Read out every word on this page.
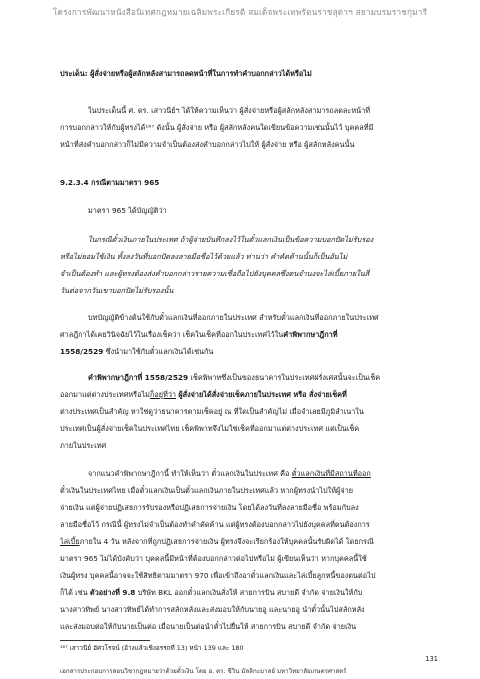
โครงการพัฒนาหนังสือนิเทศกฎหมายเฉลิมพระเกียรติ สมเด็จพระเทพรัตนราชสุดาฯ สยามบรมราชกุมารี
ประเด็น: ผู้สั่งจ่ายหรือผู้สลักหลังสามารถลดหน้าที่ในการทำคำบอกกล่าวได้หรือไม่
ในประเด็นนี้ ศ. ดร. เสาวนีย์ฯ ได้ให้ความเห็นว่า ผู้สั่งจ่ายหรือผู้สลักหลังสามารถลดละหน้าที่
การบอกกล่าวให้กับผู้ทรงได้¹⁶⁷ ดังนั้น ผู้สั่งจ่าย หรือ ผู้สลักหลังคนใดเขียนข้อความเช่นนั้นไว้ บุคคลที่มี
หน้าที่ส่งคำบอกกล่าวก็ไม่มีความจำเป็นต้องส่งคำบอกกล่าวไปให้ ผู้สั่งจ่าย หรือ ผู้สลักหลังคนนั้น
9.2.3.4 กรณีตามมาตรา 965
มาตรา 965 ได้บัญญัติว่า
ในกรณีตั๋วเงินภายในประเทศ ถ้าผู้จ่ายบันทึกลงไว้ในตั๋วแลกเงินเป็นข้อความบอกปัดไม่รับรอง
หรือไม่ยอมใช้เงิน ทั้งลงวันที่บอกปัดลงลายมือชื่อไว้ด้วยแล้ว ท่านว่า คำคัดค้านนั้นก็เป็นอันไม่
จำเป็นต้องทำ และผู้ทรงต้องส่งคำบอกกล่าวรายความเชื่อถือไปยังบุคคลซึ่งตนจำนงจะไล่เบี้ยภายในสี่
วันต่อจากวันเขาบอกปัดไม่รับรองนั้น
บทบัญญัติข้างต้นใช้กับตั๋วแลกเงินที่ออกภายในประเทศ สำหรับตั๋วแลกเงินที่ออกภายในประเทศ
ศาลฎีกาได้เคยวินิจฉัยไว้ในเรื่องเช็คว่า เช็คในเช็คที่ออกในประเทศไว้ในคำพิพากษาฎีกาที่
1558/2529 ซึ่งนำมาใช้กับตั๋วแลกเงินได้เช่นกัน
คำพิพากษาฎีกาที่ 1558/2529 เช็คพิพาทซึ่งเป็นของธนาคารในประเทศฝรั่งเศสนั้นจะเป็นเช็ค
ออกมาแต่ต่างประเทศหรือไม่ก็อยู่ที่ว่า ผู้สั่งจ่ายได้สั่งจ่ายเช็คภายในประเทศ หรือ สั่งจ่ายเช็คที่
ต่างประเทศเป็นสำคัญ หาใช่ดูว่าธนาคารตามเช็คอยู่ ณ ที่ใดเป็นสำคัญไม่ เมื่อจำเลยมีภูมิลำเนาใน
ประเทศเป็นผู้สั่งจ่ายเช็คในประเทศไทย เช็คพิพาทจึงไม่ใช่เช็คที่ออกมาแต่ต่างประเทศ แต่เป็นเช็ค
ภายในประเทศ
จากแนวคำพิพากษาฎีกานี้ ทำให้เห็นว่า ตั๋วแลกเงินในประเทศ คือ ตั๋วแลกเงินที่มีสถานที่ออก
ตั๋วเงินในประเทศไทย เมื่อตั๋วแลกเงินเป็นตั๋วแลกเงินภายในประเทศแล้ว หากผู้ทรงนำไปให้ผู้จ่าย
จ่ายเงิน แต่ผู้จ่ายปฏิเสธการรับรองหรือปฏิเสธการจ่ายเงิน โดยได้ลงวันที่ลงลายมือชื่อ พร้อมกับลง
ลายมือชื่อไว้ กรณีนี้ ผู้ทรงไม่จำเป็นต้องทำคำคัดค้าน แต่ผู้ทรงต้องบอกกล่าวไปยังบุคคลที่ตนต้องการ
ไล่เบี้ยภายใน 4 วัน หลังจากที่ถูกปฏิเสธการจ่ายเงิน ผู้ทรงจึงจะเรียกร้องให้บุคคลนั้นรับผิดได้ โดยกรณี
มาตรา 965 ไม่ได้บังคับว่า บุคคลนี้มีหน้าที่ต้องบอกกล่าวต่อไปหรือไม่ ผู้เขียนเห็นว่า หากบุคคลนี้ใช้
เงินผู้ทรง บุคคลนี้อาจจะใช้สิทธิตามมาตรา 970 เพื่อเข้าถึงอาตั๋วแลกเงินและไล่เบี้ยลูกหนี้ของตนต่อไป
ก็ได้ เช่น ตัวอย่างที่ 9.8 บริษัท BKL ออกตั๋วแลกเงินสั่งให้ สายการบิน สบายดี จำกัด จ่ายเงินให้กับ
นางสาวทิพย์ นางสาวทิพย์ได้ทำการสลักหลังและส่งมอบให้กับนายอู และนายอู นำตั๋วนั้นไปสลักหลัง
และส่งมอบต่อให้กับนายเป็นต่อ เมื่อนายเป็นต่อนำตั๋วไปยื่นให้ สายการบิน สบายดี จำกัด จ่ายเงิน
¹⁶⁷ เสาวนีย์ อัศวโรจน์ (อ้างแล้วเชิงอรรถที่ 13) หน้า 139 และ 180
131
เอกสารประกอบการสอนวิชากฎหมายว่าด้วยตั๋วเงิน โดย อ. ดร. ชีวิน มัลลิกะมาลย์ มหาวิทยาลัยเกษตรศาสตร์
